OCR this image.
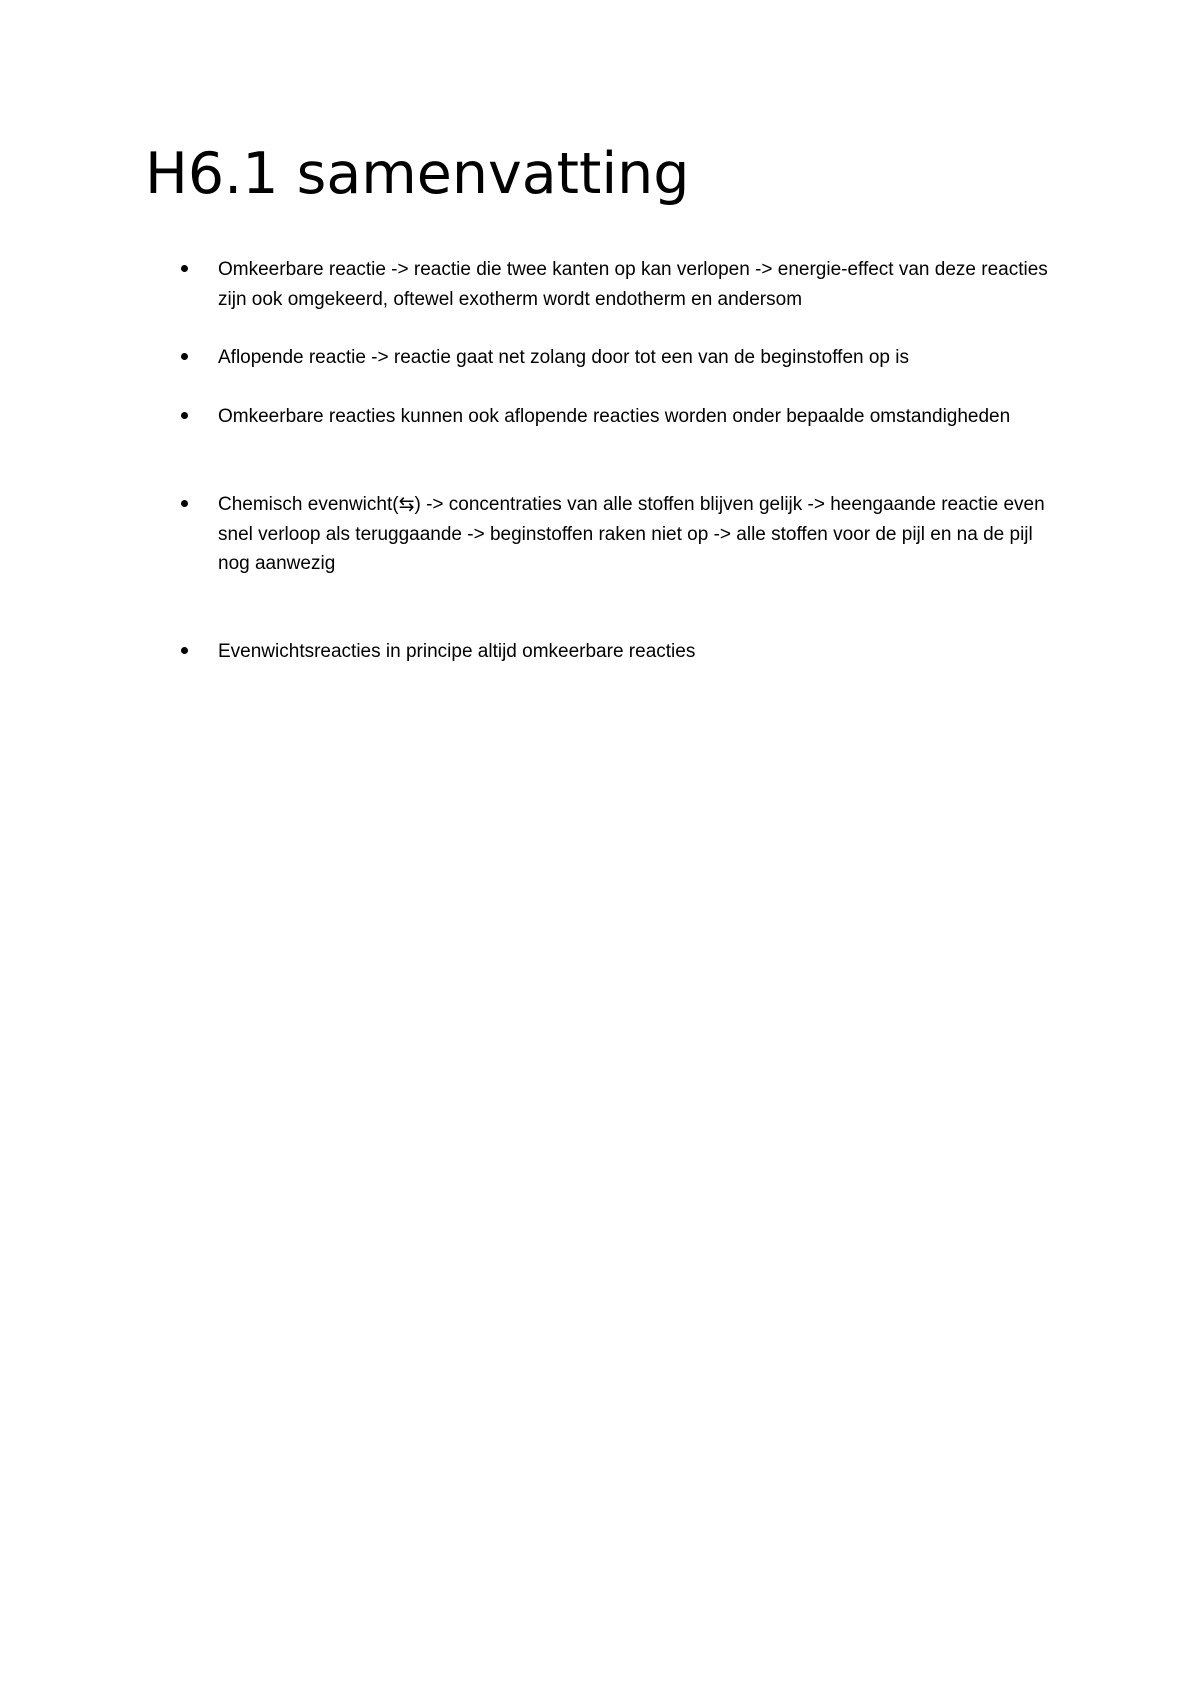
H6.1 samenvatting

Omkeerbare reactie -> reactie die twee kanten op kan verlopen -> energie-effect van deze reacties zijn ook omgekeerd, oftewel exotherm wordt endotherm en andersom

Aflopende reactie -> reactie gaat net zolang door tot een van de beginstoffen op is

Omkeerbare reacties kunnen ook aflopende reacties worden onder bepaalde omstandigheden

Chemisch evenwicht(⇆) -> concentraties van alle stoffen blijven gelijk -> heengaande reactie even snel verloop als teruggaande -> beginstoffen raken niet op -> alle stoffen voor de pijl en na de pijl nog aanwezig

Evenwichtsreacties in principe altijd omkeerbare reacties
